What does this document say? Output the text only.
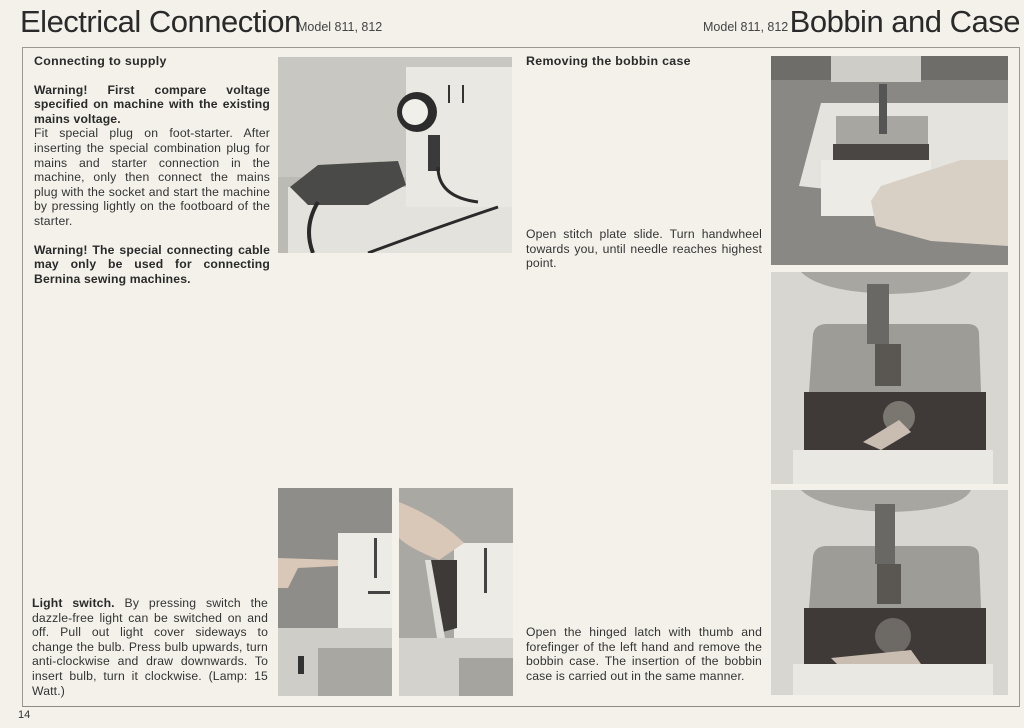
Electrical Connection
Model 811, 812	Model 811, 812 Bobbin and Case
Connecting to supply
Warning! First compare voltage specified on machine with the existing mains voltage.
Fit special plug on foot-starter. After inserting the special combination plug for mains and starter connection in the machine, only then connect the mains plug with the socket and start the machine by pressing lightly on the footboard of the starter.
Warning! The special connecting cable may only be used for connecting Bernina sewing machines.
Light switch. By pressing switch the dazzle-free light can be switched on and off. Pull out light cover sideways to change the bulb. Press bulb upwards, turn anti-clockwise and draw downwards. To insert bulb, turn it clockwise. (Lamp: 15 Watt.)
14
Removing the bobbin case
Open stitch plate slide. Turn handwheel towards you, until needle reaches highest point.
Open the hinged latch with thumb and forefinger of the left hand and remove the bobbin case. The insertion of the bobbin case is carried out in the same manner.
